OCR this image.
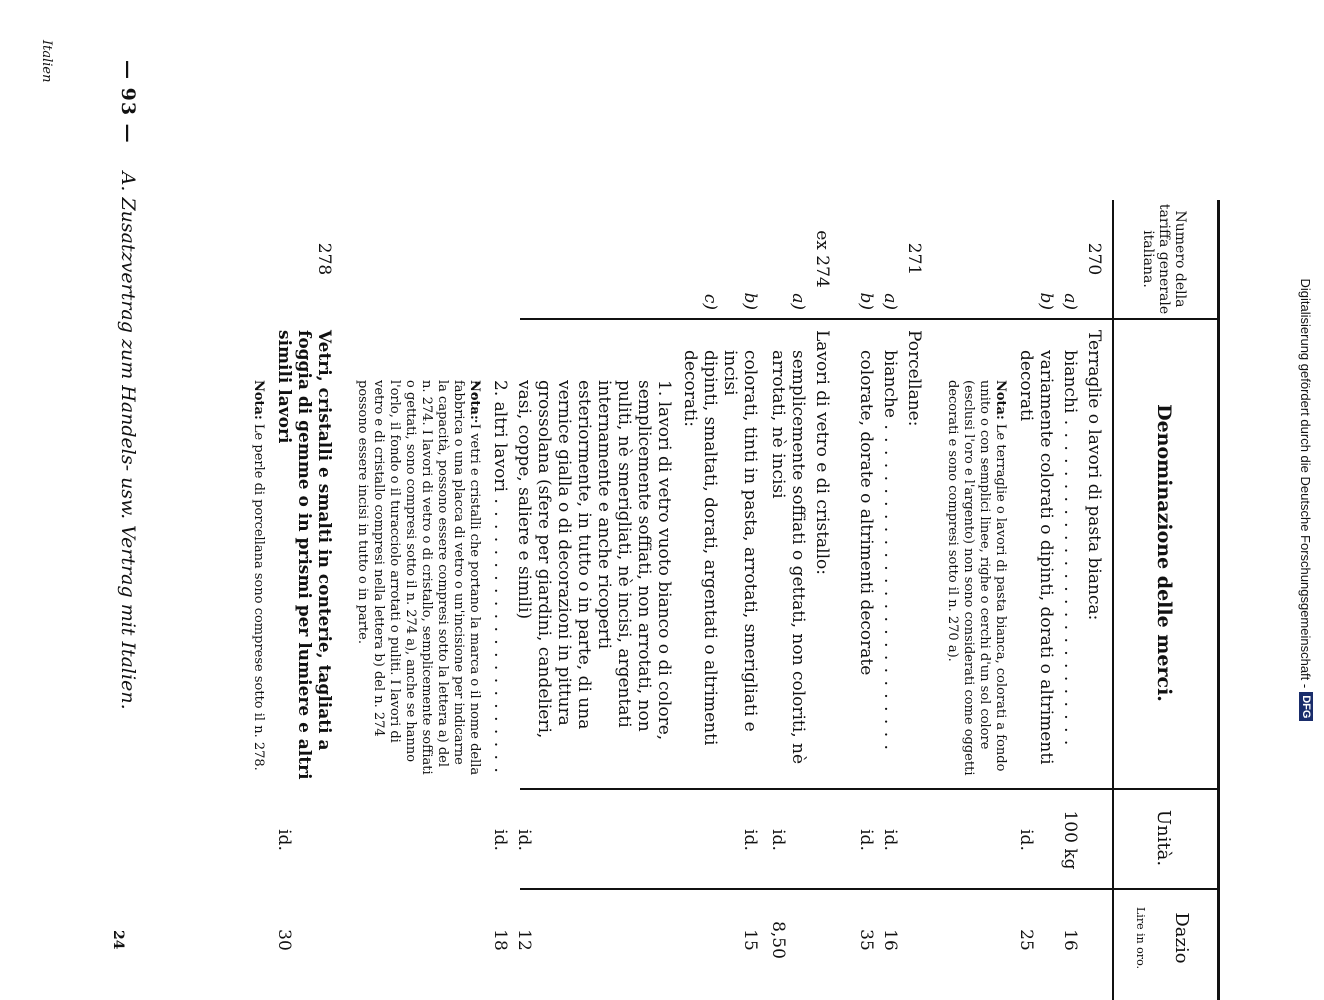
Digitalisierung gefördert durch die Deutsche Forschungsgemeinschaft -
DFG
— 93 —
A. Zusatzvertrag zum Handels- usw. Vertrag mit Italien.	Numero della tariffa generale italiana.
Denominazione delle merci.
Unità.
Dazio
Lire in oro.
270
Terraglie o lavori di pasta bianca:
a)
bianchi . . .
100 kg
16
b)
variamente colorati o dipinti, dorati o altrimenti decorati
id.
25
Nota: Le terraglie o lavori di pasta bianca, colorati a fondo unito o con semplici linee, righe o cerchi d'un sol colore (esclusi l'oro e l'argento) non sono considerati come oggetti decorati e sono compresi sotto il n. 270 a).
271
Porcellane:
a)
bianche . . .
id.
16
b)
colorate, dorate o altrimenti decorate
id.
35
ex 274
Lavori di vetro e di cristallo:
a)
semplicemente soffiati o gettati, non coloriti, nè arrotati, nè incisi
id.
8,50
b)
colorati, tinti in pasta, arrotati, smerigliati e incisi
id.
15
c)
dipinti, smaltati, dorati, argentati o altrimenti decorati:
1. lavori di vetro vuoto bianco o di colore, semplicemente soffiati, non arrotati, non puliti, nè smerigliati, nè incisi, argentati internamente e anche ricoperti esteriormente, in tutto o in parte, di una vernice gialla o di decorazioni in pittura grossolana (sfere per giardini, candelieri, vasi, coppe, saliere e simili)
id.
12
2. altri lavori . . .
id.
18
Nota: I vetri e cristalli che portano la marca o il nome della fabbrica o una placca di vetro o un'incisione per indicarne la capacità, possono essere compresi sotto la lettera a) del n. 274. I lavori di vetro o di cristallo, semplicemente soffiati o gettati, sono compresi sotto il n. 274 a), anche se hanno l'orlo, il fondo o il turacciolo arrotati o puliti. I lavori di vetro e di cristallo compresi nella lettera b) del n. 274 possono essere incisi in tutto o in parte.
278
Vetri, cristalli e smalti in conterie, tagliati a foggia di gemme o in prismi per lumiere e altri simili lavori
id.
30
Nota: Le perle di porcellana sono comprese sotto il n. 278.
24
Italien
